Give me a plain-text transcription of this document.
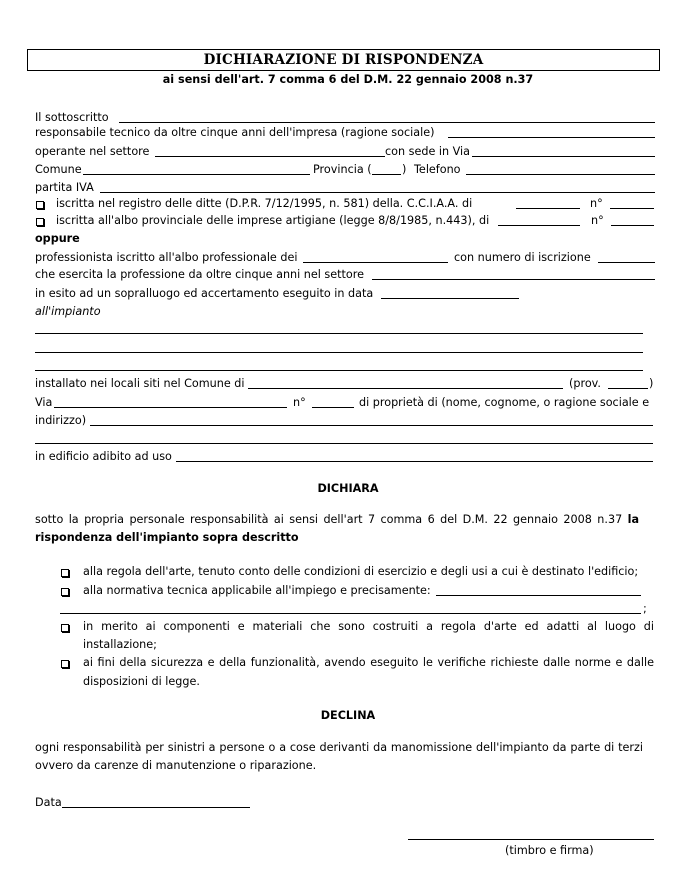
DICHIARAZIONE DI RISPONDENZA
ai sensi dell'art. 7 comma 6 del D.M. 22 gennaio 2008 n.37
Il sottoscritto
responsabile tecnico da oltre cinque anni dell'impresa (ragione sociale)
operante nel settore	con sede in Via
Comune	Provincia (	) Telefono
partita IVA
iscritta nel registro delle ditte (D.P.R. 7/12/1995, n. 581) della. C.C.I.A.A. di	n°
iscritta all'albo provinciale delle imprese artigiane (legge 8/8/1985, n.443), di	n°
oppure
professionista iscritto all'albo professionale dei	con numero di iscrizione
che esercita la professione da oltre cinque anni nel settore
in esito ad un sopralluogo ed accertamento eseguito in data
all'impianto
installato nei locali siti nel Comune di	(prov.	)
Via	n°	di proprietà di (nome, cognome, o ragione sociale e
indirizzo)
in edificio adibito ad uso
DICHIARA
sotto la propria personale responsabilità ai sensi dell'art 7 comma 6 del D.M. 22 gennaio 2008 n.37 la
rispondenza dell'impianto sopra descritto
alla regola dell'arte, tenuto conto delle condizioni di esercizio e degli usi a cui è destinato l'edificio;
alla normativa tecnica applicabile all'impiego e precisamente:
;
in merito ai componenti e materiali che sono costruiti a regola d'arte ed adatti al luogo di
installazione;
ai fini della sicurezza e della funzionalità, avendo eseguito le verifiche richieste dalle norme e dalle
disposizioni di legge.
DECLINA
ogni responsabilità per sinistri a persone o a cose derivanti da manomissione dell'impianto da parte di terzi
ovvero da carenze di manutenzione o riparazione.
Data
(timbro e firma)
